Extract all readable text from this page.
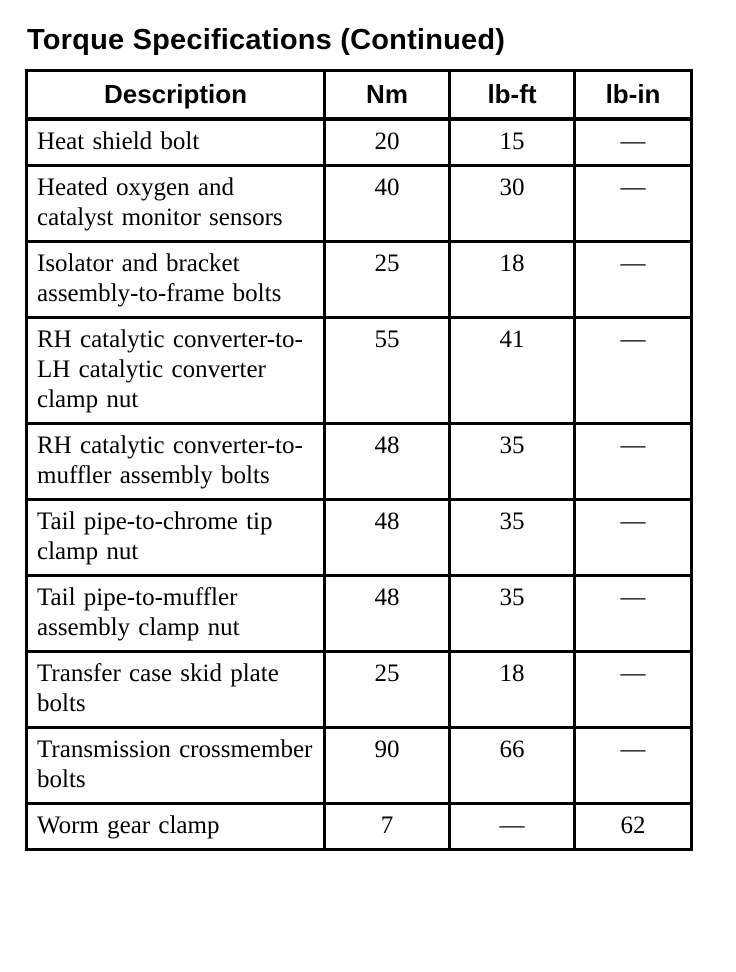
Torque Specifications (Continued)
Description	Nm	lb-ft	lb-in
Heat shield bolt	20	15	—
Heated oxygen and catalyst monitor sensors	40	30	—
Isolator and bracket assembly-to-frame bolts	25	18	—
RH catalytic converter-to-LH catalytic converter clamp nut	55	41	—
RH catalytic converter-to-muffler assembly bolts	48	35	—
Tail pipe-to-chrome tip clamp nut	48	35	—
Tail pipe-to-muffler assembly clamp nut	48	35	—
Transfer case skid plate bolts	25	18	—
Transmission crossmember bolts	90	66	—
Worm gear clamp	7	—	62
